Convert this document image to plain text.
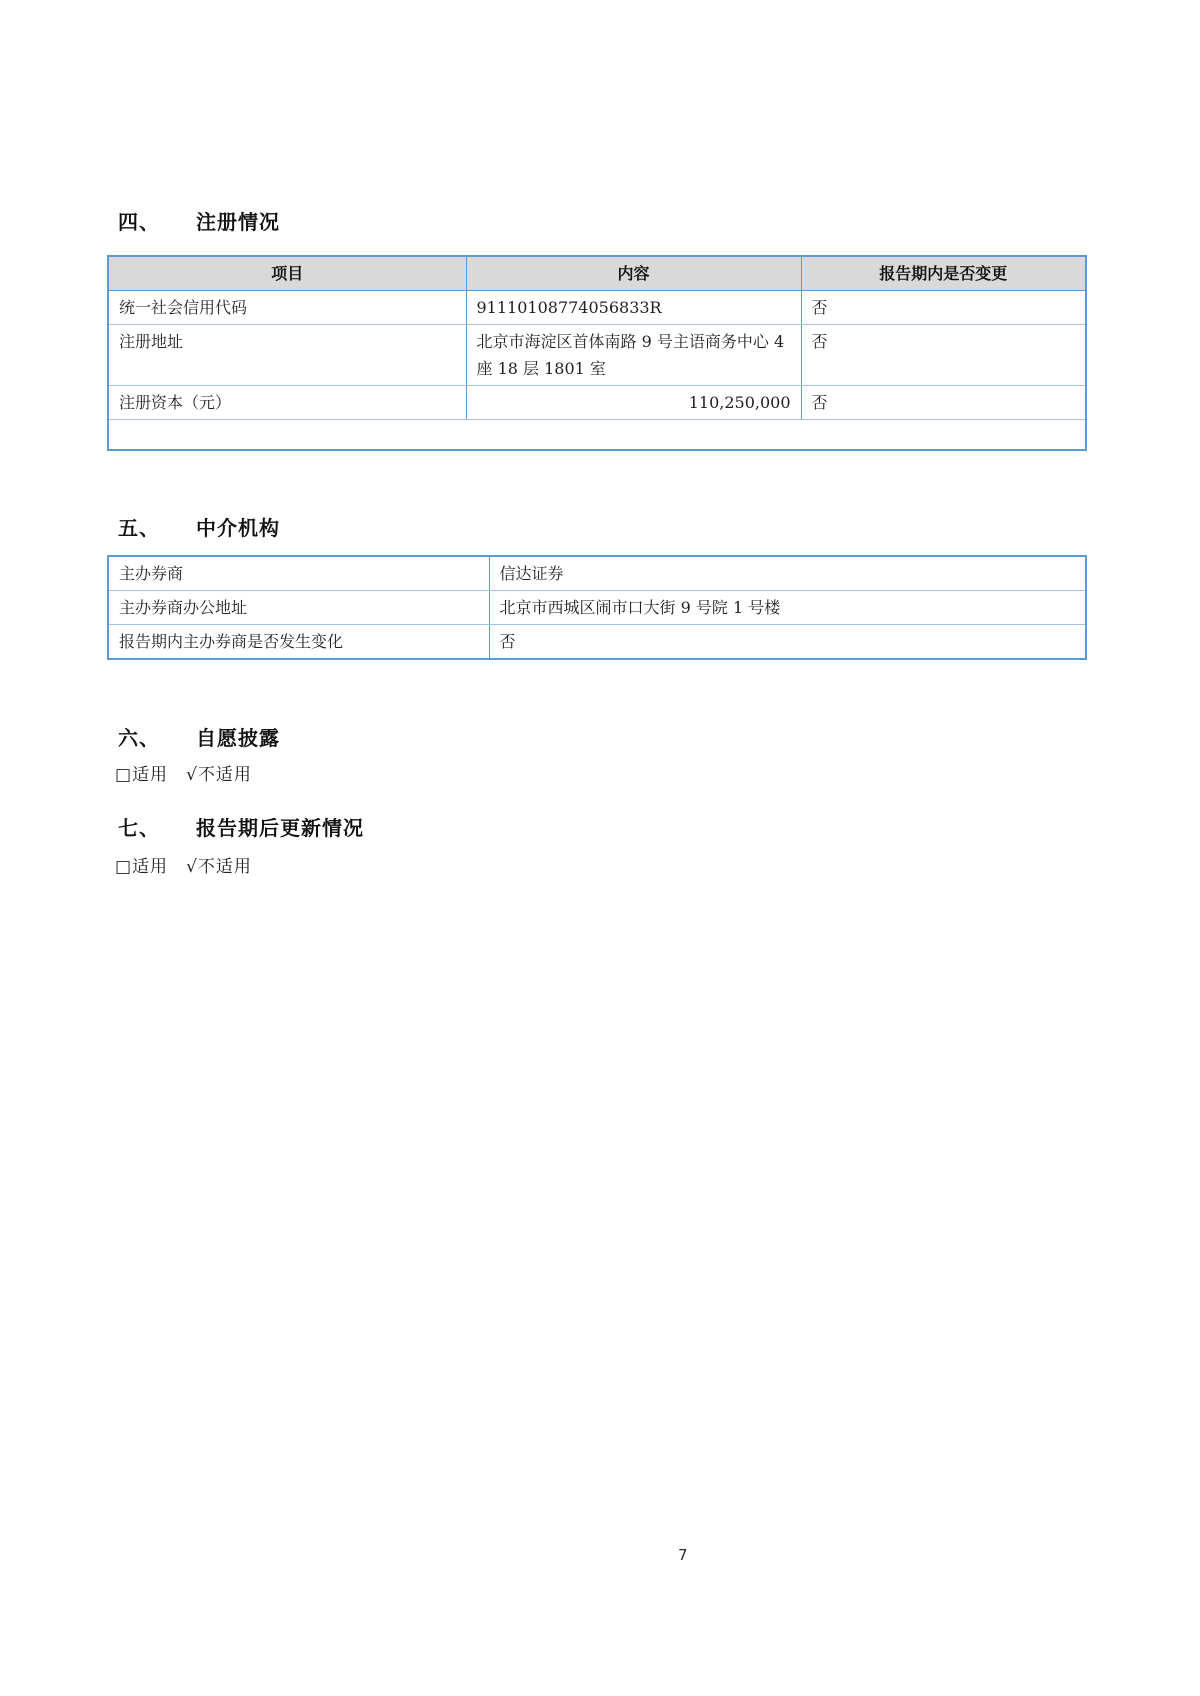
四、	注册情况
项目	内容	报告期内是否变更
统一社会信用代码	91110108774056833R	否
注册地址	北京市海淀区首体南路 9 号主语商务中心 4 座 18 层 1801 室	否
注册资本（元）	110,250,000	否

五、	中介机构
主办券商	信达证券
主办券商办公地址	北京市西城区闹市口大街 9 号院 1 号楼
报告期内主办券商是否发生变化	否
六、	自愿披露
□适用 √不适用
七、	报告期后更新情况
□适用 √不适用
7
